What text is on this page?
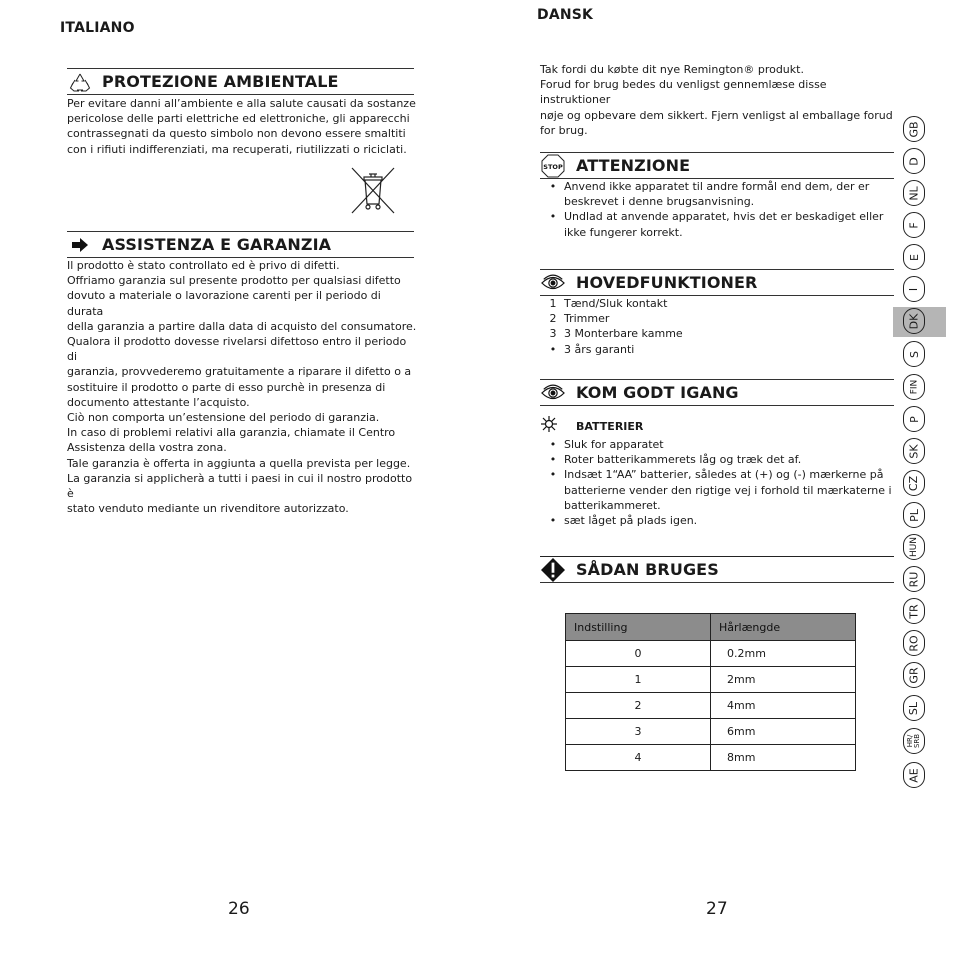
ITALIANO
PROTEZIONE AMBIENTALE
Per evitare danni all’ambiente e alla salute causati da sostanze
pericolose delle parti elettriche ed elettroniche, gli apparecchi
contrassegnati da questo simbolo non devono essere smaltiti
con i rifiuti indifferenziati, ma recuperati, riutilizzati o riciclati.
ASSISTENZA E GARANZIA
Il prodotto è stato controllato ed è privo di difetti.
Offriamo garanzia sul presente prodotto per qualsiasi difetto
dovuto a materiale o lavorazione carenti per il periodo di durata
della garanzia a partire dalla data di acquisto del consumatore.
Qualora il prodotto dovesse rivelarsi difettoso entro il periodo di
garanzia, provvederemo gratuitamente a riparare il difetto o a
sostituire il prodotto o parte di esso purchè in presenza di
documento attestante l’acquisto.
Ciò non comporta un’estensione del periodo di garanzia.
In caso di problemi relativi alla garanzia, chiamate il Centro
Assistenza della vostra zona.
Tale garanzia è offerta in aggiunta a quella prevista per legge.
La garanzia si applicherà a tutti i paesi in cui il nostro prodotto è
stato venduto mediante un rivenditore autorizzato.
26
DANSK
Tak fordi du købte dit nye Remington® produkt.
Forud for brug bedes du venligst gennemlæse disse instruktioner
nøje og opbevare dem sikkert. Fjern venligst al emballage forud
for brug.
STOP ATTENZIONE
• Anvend ikke apparatet til andre formål end dem, der er
beskrevet i denne brugsanvisning.
• Undlad at anvende apparatet, hvis det er beskadiget eller
ikke fungerer korrekt.
HOVEDFUNKTIONER
1 Tænd/Sluk kontakt
2 Trimmer
3 3 Monterbare kamme
• 3 års garanti
KOM GODT IGANG
BATTERIER
• Sluk for apparatet
• Roter batterikammerets låg og træk det af.
• Indsæt 1“AA” batterier, således at (+) og (-) mærkerne på
batterierne vender den rigtige vej i forhold til mærkaterne i
batterikammeret.
• sæt låget på plads igen.
SÅDAN BRUGES
Indstilling	Hårlængde
0	0.2mm
1	2mm
2	4mm
3	6mm
4	8mm
27
GB
D
NL
F
E
I
DK
S
FIN
P
SK
CZ
PL
HUN
RU
TR
RO
GR
SL
HR/
SRB
AE
